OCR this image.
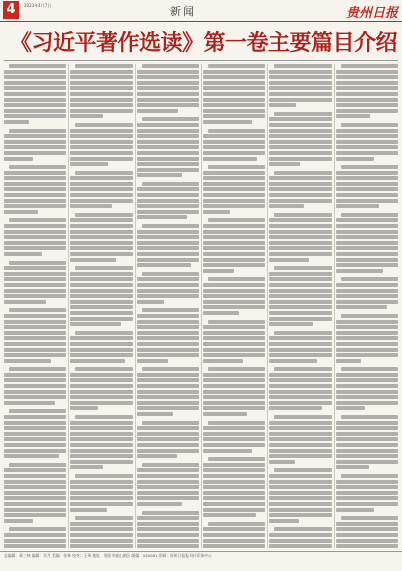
4	2023年4月7日	新闻	贵州日报
《习近平著作选读》第一卷主要篇目介绍
总编辑：蒋三林 编辑：肖月 美编：张林 校对：王琴 地址：贵阳市观山湖区 邮编：550081 印刷：贵州日报报刊社印务中心
